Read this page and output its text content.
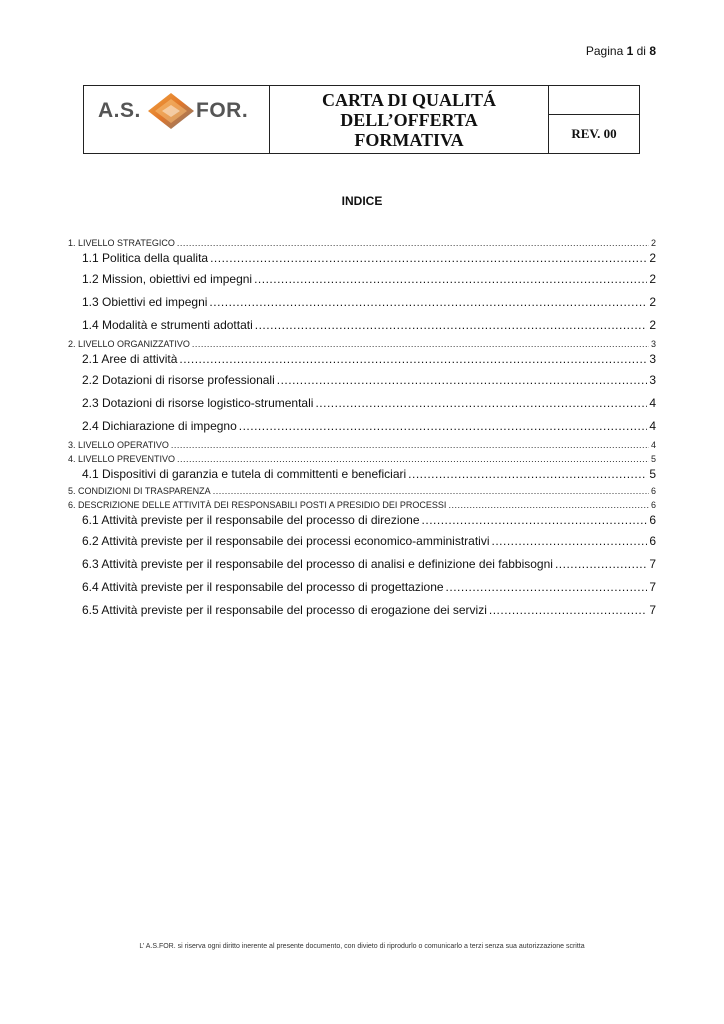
Pagina 1 di 8
A.S.	FOR.	CARTA DI QUALITÁ
DELL’OFFERTA
FORMATIVA

REV. 00
INDICE
1. LIVELLO STRATEGICO .....	2
1.1 Politica della qualita .....	2
1.2 Mission, obiettivi ed impegni .....	2
1.3 Obiettivi ed impegni .....	2
1.4 Modalità e strumenti adottati .....	2
2. LIVELLO ORGANIZZATIVO .....	3
2.1 Aree di attività .....	3
2.2 Dotazioni di risorse professionali .....	3
2.3 Dotazioni di risorse logistico-strumentali .....	4
2.4 Dichiarazione di impegno .....	4
3. LIVELLO OPERATIVO .....	4
4. LIVELLO PREVENTIVO .....	5
4.1 Dispositivi di garanzia e tutela di committenti e beneficiari .....	5
5. CONDIZIONI DI TRASPARENZA .....	6
6. DESCRIZIONE DELLE ATTIVITÀ DEI RESPONSABILI POSTI A PRESIDIO DEI PROCESSI .....	6
6.1 Attività previste per il responsabile del processo di direzione .....	6
6.2 Attività previste per il responsabile dei processi economico-amministrativi .....	6
6.3 Attività previste per il responsabile del processo di analisi e definizione dei fabbisogni .....	7
6.4 Attività previste per il responsabile del processo di progettazione .....	7
6.5 Attività previste per il responsabile del processo di erogazione dei servizi .....	7
L’ A.S.FOR. si riserva ogni diritto inerente al presente documento, con divieto di riprodurlo o comunicarlo a terzi senza sua autorizzazione scritta
